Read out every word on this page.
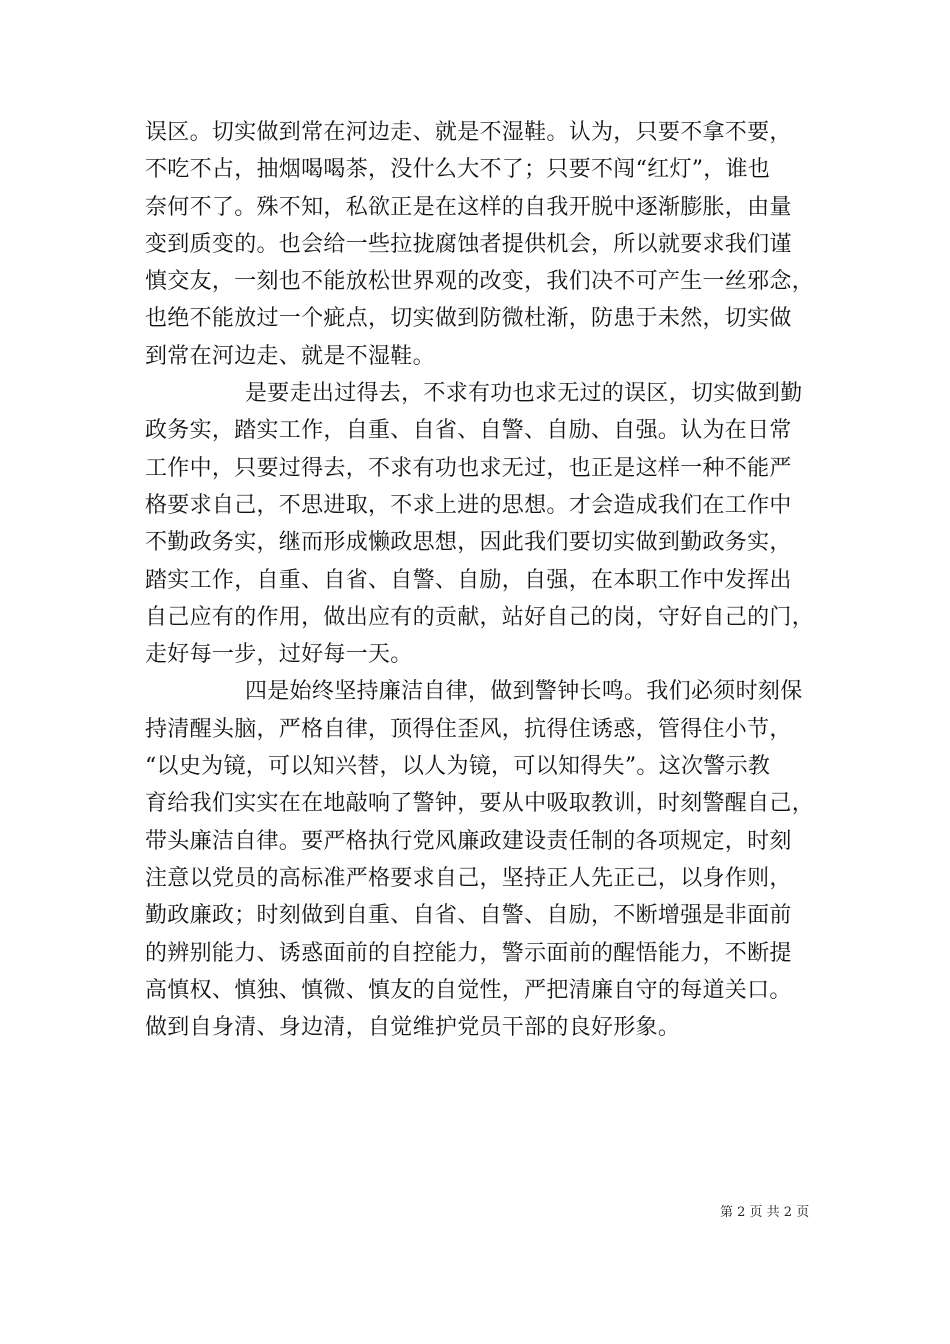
误区。切实做到常在河边走、就是不湿鞋。认为，只要不拿不要，
不吃不占，抽烟喝喝茶，没什么大不了；只要不闯“红灯”，谁也
奈何不了。殊不知，私欲正是在这样的自我开脱中逐渐膨胀，由量
变到质变的。也会给一些拉拢腐蚀者提供机会，所以就要求我们谨
慎交友，一刻也不能放松世界观的改变，我们决不可产生一丝邪念，
也绝不能放过一个疵点，切实做到防微杜渐，防患于未然，切实做
到常在河边走、就是不湿鞋。
是要走出过得去，不求有功也求无过的误区，切实做到勤
政务实，踏实工作，自重、自省、自警、自励、自强。认为在日常
工作中，只要过得去，不求有功也求无过，也正是这样一种不能严
格要求自己，不思进取，不求上进的思想。才会造成我们在工作中
不勤政务实，继而形成懒政思想，因此我们要切实做到勤政务实，
踏实工作，自重、自省、自警、自励，自强，在本职工作中发挥出
自己应有的作用，做出应有的贡献，站好自己的岗，守好自己的门，
走好每一步，过好每一天。
四是始终坚持廉洁自律，做到警钟长鸣。我们必须时刻保
持清醒头脑，严格自律，顶得住歪风，抗得住诱惑，管得住小节，
“以史为镜，可以知兴替，以人为镜，可以知得失”。这次警示教
育给我们实实在在地敲响了警钟，要从中吸取教训，时刻警醒自己，
带头廉洁自律。要严格执行党风廉政建设责任制的各项规定，时刻
注意以党员的高标准严格要求自己，坚持正人先正己，以身作则，
勤政廉政；时刻做到自重、自省、自警、自励，不断增强是非面前
的辨别能力、诱惑面前的自控能力，警示面前的醒悟能力，不断提
高慎权、慎独、慎微、慎友的自觉性，严把清廉自守的每道关口。
做到自身清、身边清，自觉维护党员干部的良好形象。
第 2 页 共 2 页
